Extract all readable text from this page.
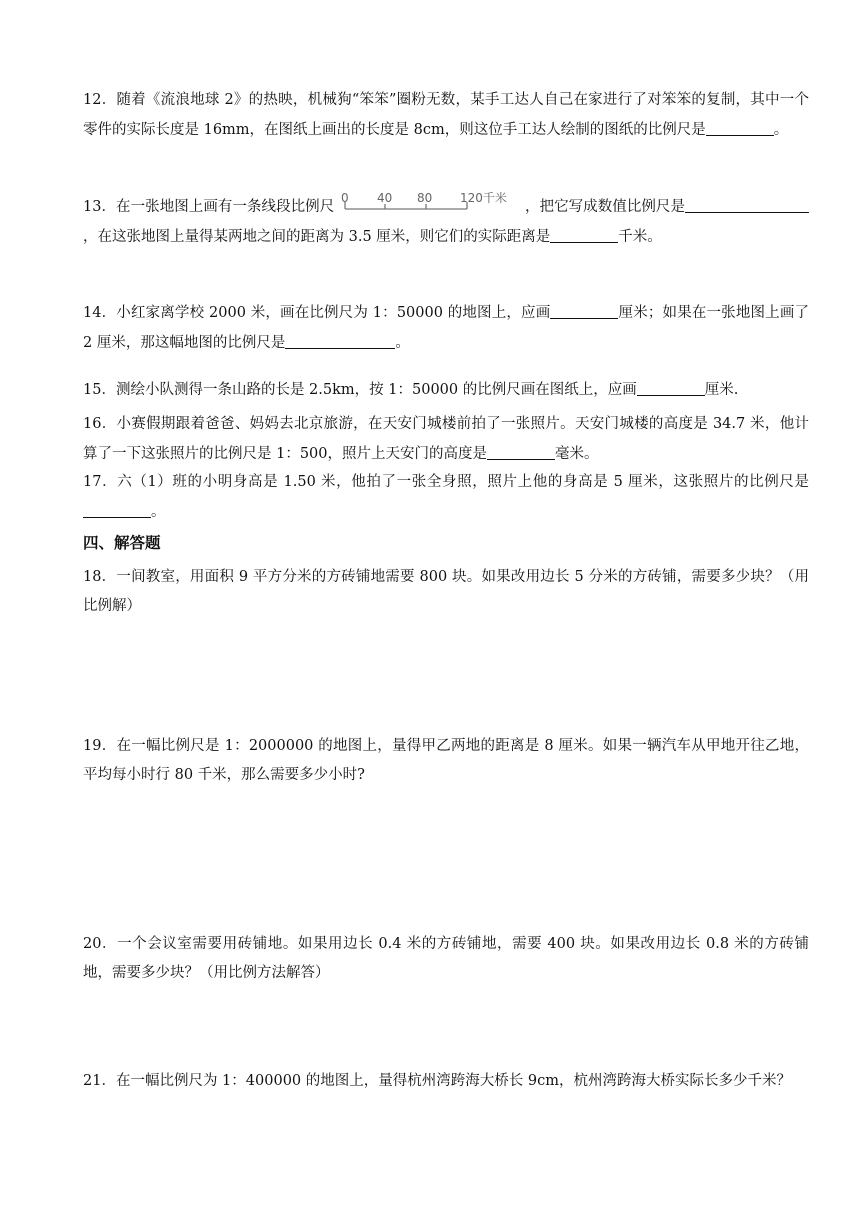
12．随着《流浪地球 2》的热映，机械狗“笨笨”圈粉无数，某手工达人自己在家进行了对笨笨的复制，其中一个零件的实际长度是 16mm，在图纸上画出的长度是 8cm，则这位手工达人绘制的图纸的比例尺是	。

13．在一张地图上画有一条线段比例尺
0 40 80 120千米
，把它写成数值比例尺是，在这张地图上量得某两地之间的距离为 3.5 厘米，则它们的实际距离是	千米。

14．小红家离学校 2000 米，画在比例尺为 1：50000 的地图上，应画	厘米；如果在一张地图上画了 2 厘米，那这幅地图的比例尺是	。

15．测绘小队测得一条山路的长是 2.5km，按 1：50000 的比例尺画在图纸上，应画	厘米.

16．小赛假期跟着爸爸、妈妈去北京旅游，在天安门城楼前拍了一张照片。天安门城楼的高度是 34.7 米，他计算了一下这张照片的比例尺是 1：500，照片上天安门的高度是	毫米。

17．六（1）班的小明身高是 1.50 米，他拍了一张全身照，照片上他的身高是 5 厘米，这张照片的比例尺是。

四、解答题

18．一间教室，用面积 9 平方分米的方砖铺地需要 800 块。如果改用边长 5 分米的方砖铺，需要多少块？（用比例解）

19．在一幅比例尺是 1：2000000 的地图上，量得甲乙两地的距离是 8 厘米。如果一辆汽车从甲地开往乙地，平均每小时行 80 千米，那么需要多少小时?

20．一个会议室需要用砖铺地。如果用边长 0.4 米的方砖铺地，需要 400 块。如果改用边长 0.8 米的方砖铺地，需要多少块？（用比例方法解答）

21．在一幅比例尺为 1：400000 的地图上，量得杭州湾跨海大桥长 9cm，杭州湾跨海大桥实际长多少千米？
